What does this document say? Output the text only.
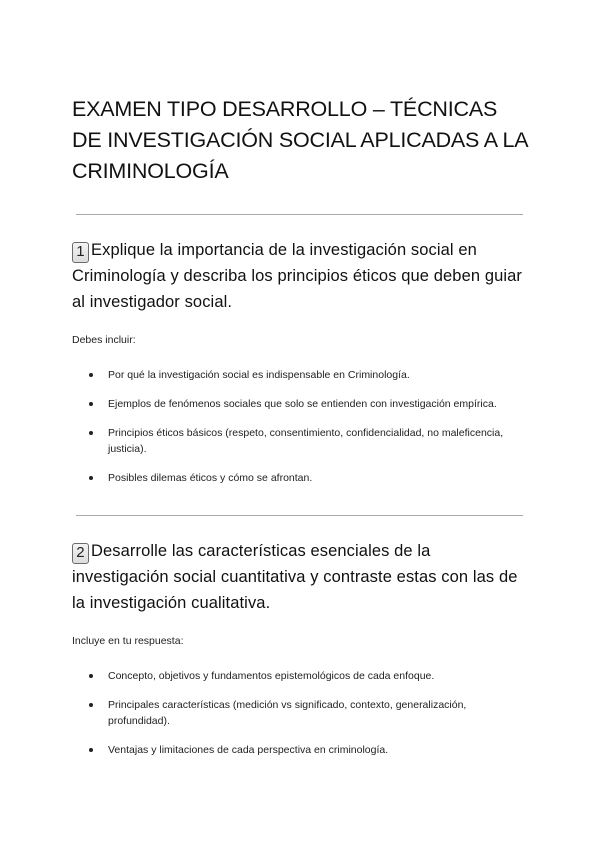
EXAMEN TIPO DESARROLLO – TÉCNICAS DE INVESTIGACIÓN SOCIAL APLICADAS A LA CRIMINOLOGÍA

1 Explique la importancia de la investigación social en Criminología y describa los principios éticos que deben guiar al investigador social.

Debes incluir:

Por qué la investigación social es indispensable en Criminología.
Ejemplos de fenómenos sociales que solo se entienden con investigación empírica.
Principios éticos básicos (respeto, consentimiento, confidencialidad, no maleficencia, justicia).
Posibles dilemas éticos y cómo se afrontan.

2 Desarrolle las características esenciales de la investigación social cuantitativa y contraste estas con las de la investigación cualitativa.

Incluye en tu respuesta:

Concepto, objetivos y fundamentos epistemológicos de cada enfoque.
Principales características (medición vs significado, contexto, generalización, profundidad).
Ventajas y limitaciones de cada perspectiva en criminología.
